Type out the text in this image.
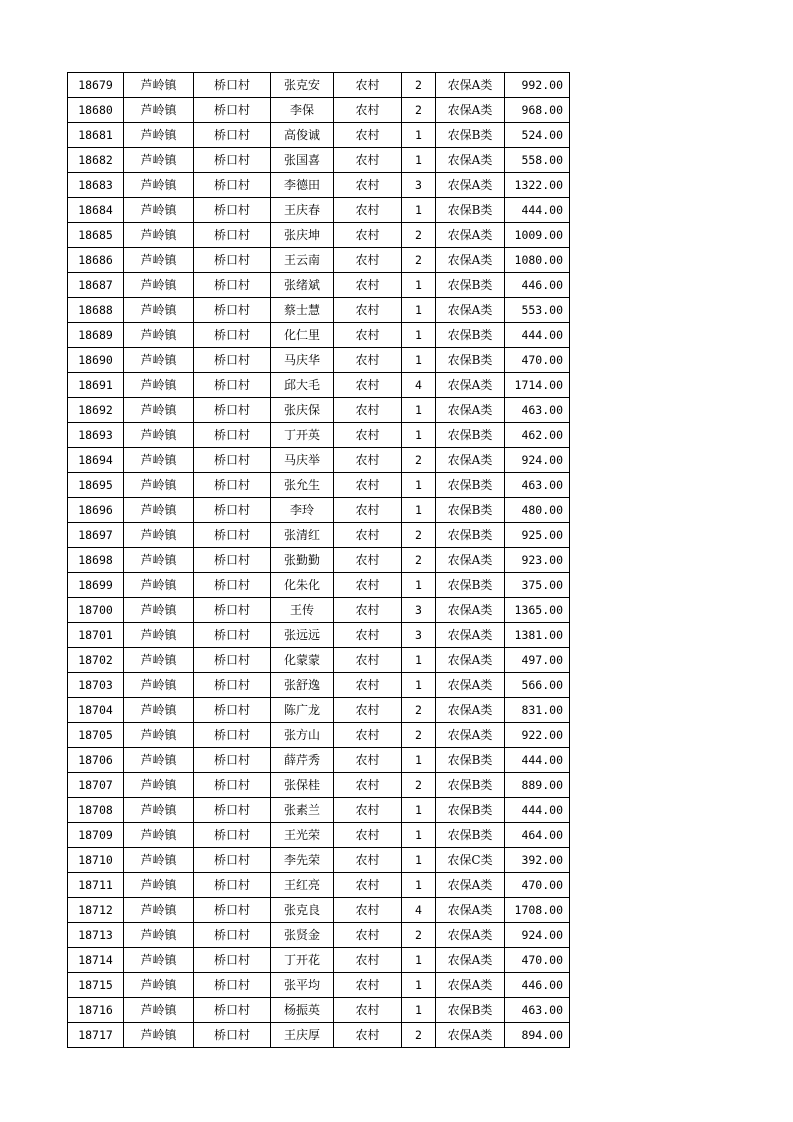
18679	芦岭镇	桥口村	张克安	农村	2	农保A类	992.00
18680	芦岭镇	桥口村	李保	农村	2	农保A类	968.00
18681	芦岭镇	桥口村	高俊诚	农村	1	农保B类	524.00
18682	芦岭镇	桥口村	张国喜	农村	1	农保A类	558.00
18683	芦岭镇	桥口村	李德田	农村	3	农保A类	1322.00
18684	芦岭镇	桥口村	王庆春	农村	1	农保B类	444.00
18685	芦岭镇	桥口村	张庆坤	农村	2	农保A类	1009.00
18686	芦岭镇	桥口村	王云南	农村	2	农保A类	1080.00
18687	芦岭镇	桥口村	张绪斌	农村	1	农保B类	446.00
18688	芦岭镇	桥口村	蔡士慧	农村	1	农保A类	553.00
18689	芦岭镇	桥口村	化仁里	农村	1	农保B类	444.00
18690	芦岭镇	桥口村	马庆华	农村	1	农保B类	470.00
18691	芦岭镇	桥口村	邱大毛	农村	4	农保A类	1714.00
18692	芦岭镇	桥口村	张庆保	农村	1	农保A类	463.00
18693	芦岭镇	桥口村	丁开英	农村	1	农保B类	462.00
18694	芦岭镇	桥口村	马庆举	农村	2	农保A类	924.00
18695	芦岭镇	桥口村	张允生	农村	1	农保B类	463.00
18696	芦岭镇	桥口村	李玲	农村	1	农保B类	480.00
18697	芦岭镇	桥口村	张清红	农村	2	农保B类	925.00
18698	芦岭镇	桥口村	张勤勤	农村	2	农保A类	923.00
18699	芦岭镇	桥口村	化朱化	农村	1	农保B类	375.00
18700	芦岭镇	桥口村	王传	农村	3	农保A类	1365.00
18701	芦岭镇	桥口村	张远远	农村	3	农保A类	1381.00
18702	芦岭镇	桥口村	化蒙蒙	农村	1	农保A类	497.00
18703	芦岭镇	桥口村	张舒逸	农村	1	农保A类	566.00
18704	芦岭镇	桥口村	陈广龙	农村	2	农保A类	831.00
18705	芦岭镇	桥口村	张方山	农村	2	农保A类	922.00
18706	芦岭镇	桥口村	薛芹秀	农村	1	农保B类	444.00
18707	芦岭镇	桥口村	张保桂	农村	2	农保B类	889.00
18708	芦岭镇	桥口村	张素兰	农村	1	农保B类	444.00
18709	芦岭镇	桥口村	王光荣	农村	1	农保B类	464.00
18710	芦岭镇	桥口村	李先荣	农村	1	农保C类	392.00
18711	芦岭镇	桥口村	王红亮	农村	1	农保A类	470.00
18712	芦岭镇	桥口村	张克良	农村	4	农保A类	1708.00
18713	芦岭镇	桥口村	张贤金	农村	2	农保A类	924.00
18714	芦岭镇	桥口村	丁开花	农村	1	农保A类	470.00
18715	芦岭镇	桥口村	张平均	农村	1	农保A类	446.00
18716	芦岭镇	桥口村	杨振英	农村	1	农保B类	463.00
18717	芦岭镇	桥口村	王庆厚	农村	2	农保A类	894.00
